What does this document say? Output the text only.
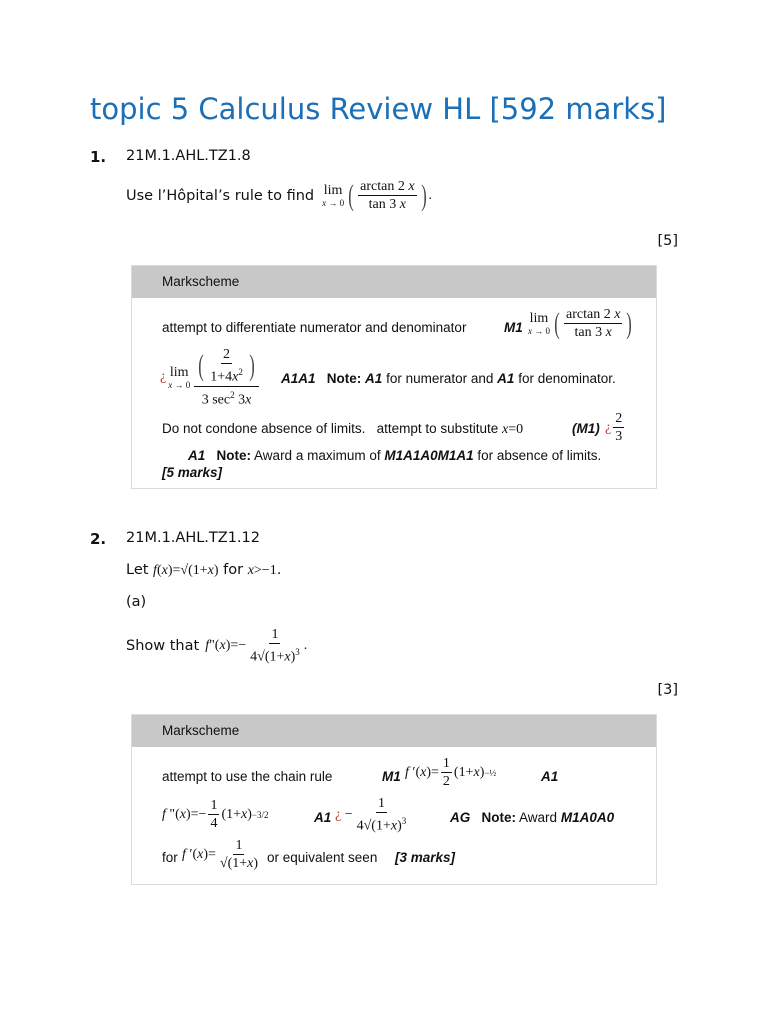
topic 5 Calculus Review HL [592 marks]
1. 21M.1.AHL.TZ1.8
Use l’Hôpital’s rule to find lim
x → 0 ( $\frac{\arctan 2 x}{\tan 3 x}$ ) .
[5]
Markscheme
attempt to differentiate numerator and denominator	M1
lim
x → 0 ( $\frac{\arctan 2 x}{\tan 3 x}$ )
¿ lim
$x \to 0 \frac{( \frac{2}{1+4x^2} )}{3 \sec^2 3x} A1A1$ Note: A1 for numerator and A1 for denominator.
Do not condone absence of limits. attempt to substitute x=0	(M1) ¿ $\frac{2}{3}$
A1 Note: Award a maximum of M1A1A0M1A1 for absence of limits.
[5 marks]
2. 21M.1.AHL.TZ1.12
Let f(x)=√(1+x) for x>−1.
(a)
Show that f "( x )=− $\frac{1}{4√(1+x)^3}$ .
[3]
Markscheme
attempt to use the chain rule	M1 f ′( x )= $\frac{1}{2} (1+ x$ ) −½	A1
f "( x )=− $\frac{1}{4} (1+ x$ ) −3/2	A1 ¿ − $\frac{1}{4√(1+x)^3}$	AG Note: Award M1A0A0
for f ′( x )= $\frac{1}{√(1+x)}$ or equivalent seen [3 marks]
